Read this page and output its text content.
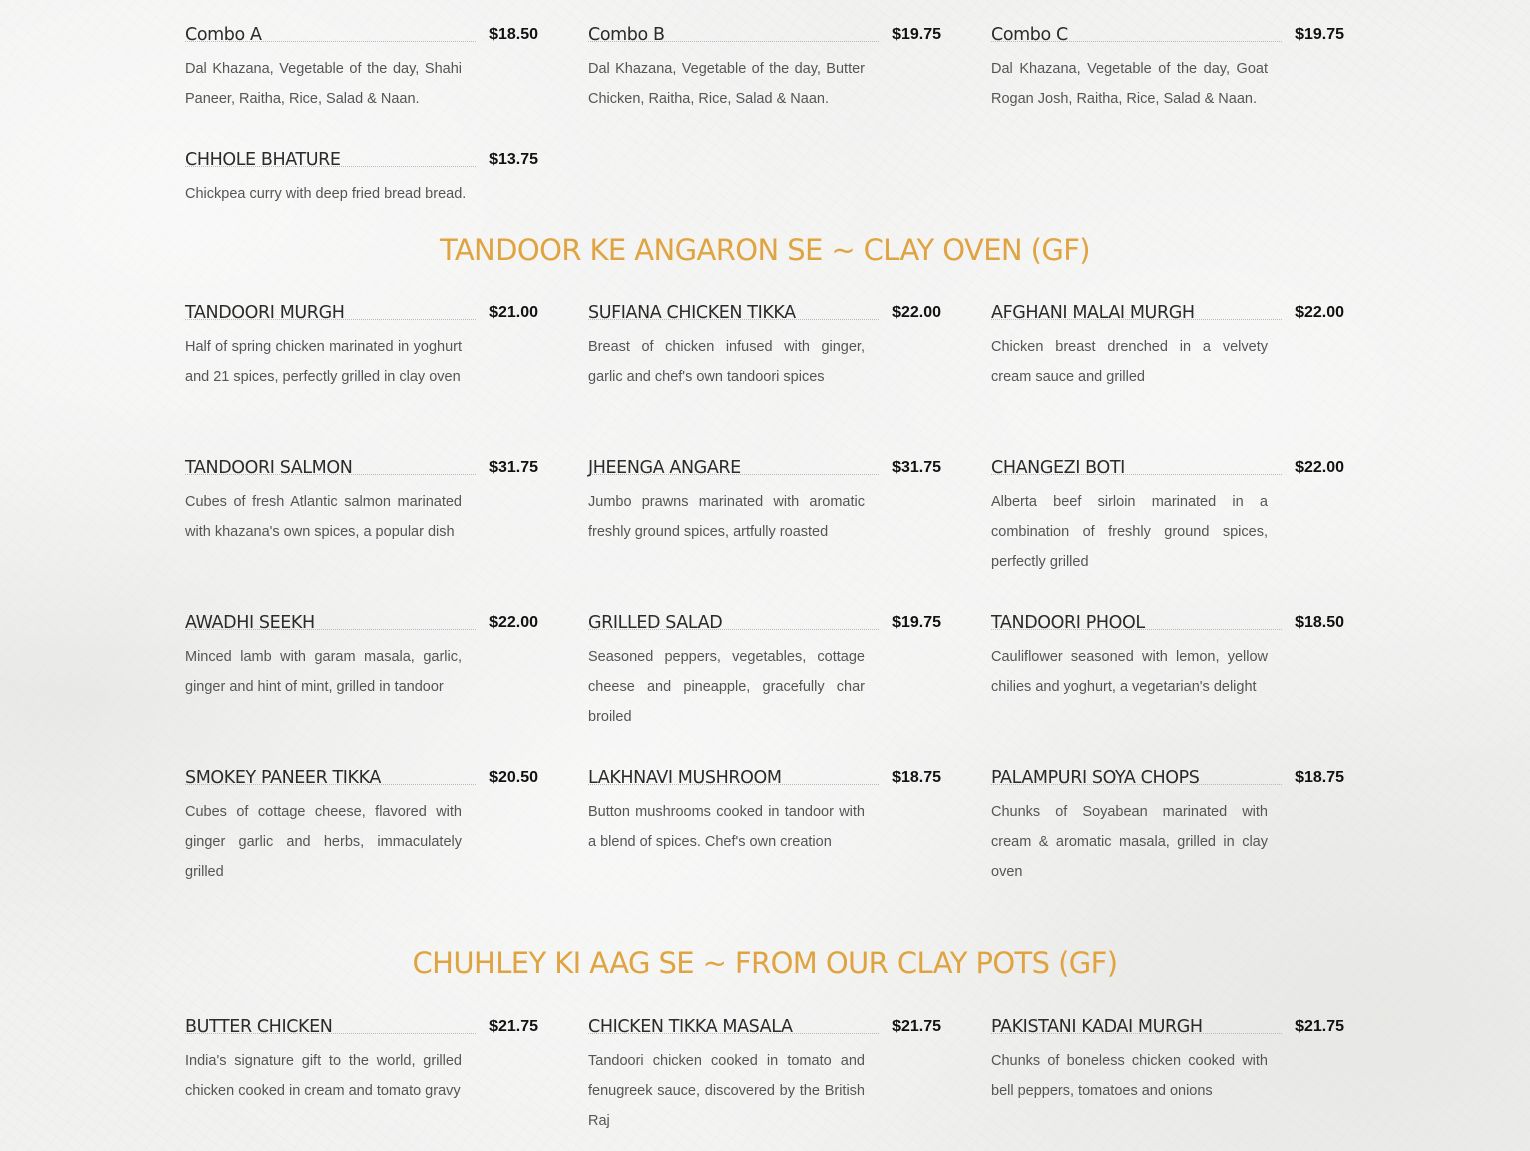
Combo A	$18.50
Dal Khazana, Vegetable of the day, Shahi Paneer, Raitha, Rice, Salad & Naan.
Combo B	$19.75
Dal Khazana, Vegetable of the day, Butter Chicken, Raitha, Rice, Salad & Naan.
Combo C	$19.75
Dal Khazana, Vegetable of the day, Goat Rogan Josh, Raitha, Rice, Salad & Naan.
CHHOLE BHATURE	$13.75
Chickpea curry with deep fried bread bread.
TANDOOR KE ANGARON SE ~ CLAY OVEN (GF)
TANDOORI MURGH	$21.00
Half of spring chicken marinated in yoghurt and 21 spices, perfectly grilled in clay oven
SUFIANA CHICKEN TIKKA	$22.00
Breast of chicken infused with ginger, garlic and chef's own tandoori spices
AFGHANI MALAI MURGH	$22.00
Chicken breast drenched in a velvety cream sauce and grilled
TANDOORI SALMON	$31.75
Cubes of fresh Atlantic salmon marinated with khazana's own spices, a popular dish
JHEENGA ANGARE	$31.75
Jumbo prawns marinated with aromatic freshly ground spices, artfully roasted
CHANGEZI BOTI	$22.00
Alberta beef sirloin marinated in a combination of freshly ground spices, perfectly grilled
AWADHI SEEKH	$22.00
Minced lamb with garam masala, garlic, ginger and hint of mint, grilled in tandoor
GRILLED SALAD	$19.75
Seasoned peppers, vegetables, cottage cheese and pineapple, gracefully char broiled
TANDOORI PHOOL	$18.50
Cauliflower seasoned with lemon, yellow chilies and yoghurt, a vegetarian's delight
SMOKEY PANEER TIKKA	$20.50
Cubes of cottage cheese, flavored with ginger garlic and herbs, immaculately grilled
LAKHNAVI MUSHROOM	$18.75
Button mushrooms cooked in tandoor with a blend of spices. Chef's own creation
PALAMPURI SOYA CHOPS	$18.75
Chunks of Soyabean marinated with cream & aromatic masala, grilled in clay oven
CHUHLEY KI AAG SE ~ FROM OUR CLAY POTS (GF)
BUTTER CHICKEN	$21.75
India's signature gift to the world, grilled chicken cooked in cream and tomato gravy
CHICKEN TIKKA MASALA	$21.75
Tandoori chicken cooked in tomato and fenugreek sauce, discovered by the British Raj
PAKISTANI KADAI MURGH	$21.75
Chunks of boneless chicken cooked with bell peppers, tomatoes and onions
